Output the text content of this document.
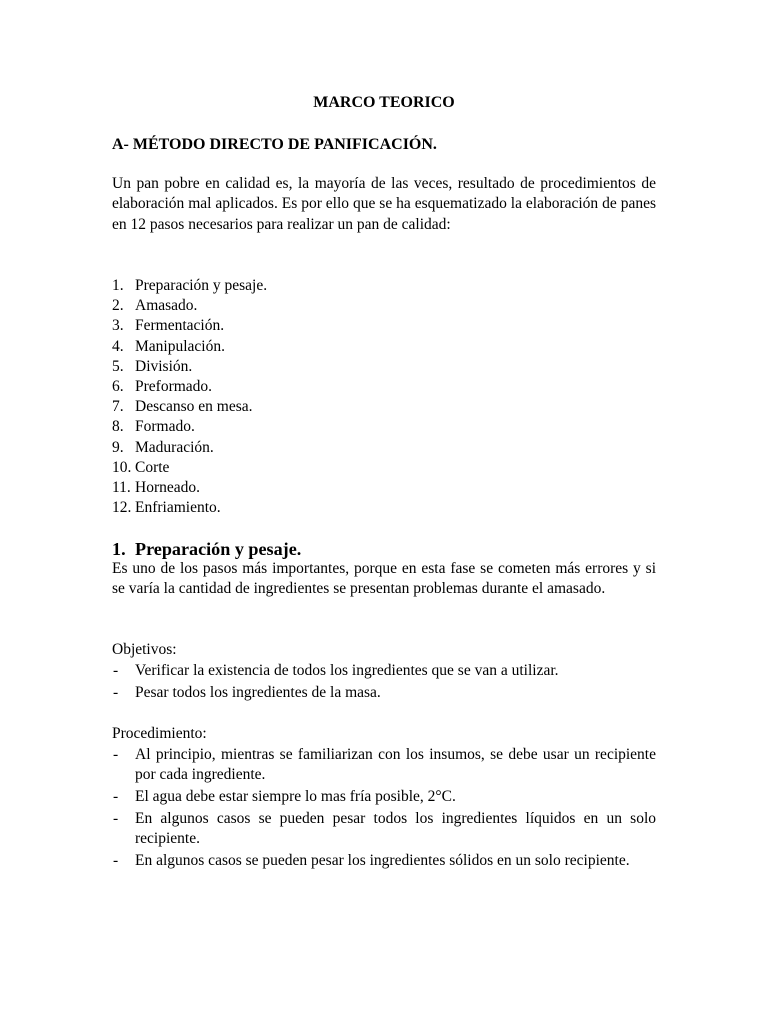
MARCO TEORICO
A- MÉTODO DIRECTO DE PANIFICACIÓN.

Un pan pobre en calidad es, la mayoría de las veces, resultado de procedimientos de elaboración mal aplicados. Es por ello que se ha esquematizado la elaboración de panes en 12 pasos necesarios para realizar un pan de calidad:

1. Preparación y pesaje.
2. Amasado.
3. Fermentación.
4. Manipulación.
5. División.
6. Preformado.
7. Descanso en mesa.
8. Formado.
9. Maduración.
10. Corte
11. Horneado.
12. Enfriamiento.
1. Preparación y pesaje.

Es uno de los pasos más importantes, porque en esta fase se cometen más errores y si se varía la cantidad de ingredientes se presentan problemas durante el amasado.

Objetivos:

- Verificar la existencia de todos los ingredientes que se van a utilizar.
- Pesar todos los ingredientes de la masa.

Procedimiento:

- Al principio, mientras se familiarizan con los insumos, se debe usar un recipiente por cada ingrediente.
- El agua debe estar siempre lo mas fría posible, 2°C.
- En algunos casos se pueden pesar todos los ingredientes líquidos en un solo recipiente.
- En algunos casos se pueden pesar los ingredientes sólidos en un solo recipiente.
